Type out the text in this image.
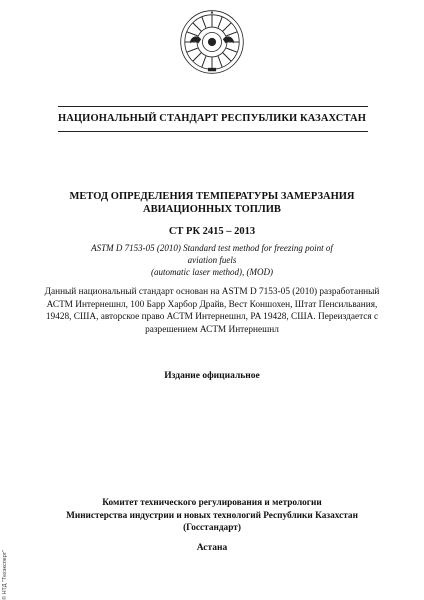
НАЦИОНАЛЬНЫЙ СТАНДАРТ РЕСПУБЛИКИ КАЗАХСТАН
МЕТОД ОПРЕДЕЛЕНИЯ ТЕМПЕРАТУРЫ ЗАМЕРЗАНИЯ
АВИАЦИОННЫХ ТОПЛИВ
СТ РК 2415 – 2013
ASTM D 7153-05 (2010) Standard test method for freezing point of aviation fuels
(automatic laser method), (MOD)
Данный национальный стандарт основан на ASTM D 7153-05 (2010) разработанный
АСТМ Интернешнл, 100 Барр Харбор Драйв, Вест Коншохен, Штат Пенсильвания,
19428, США, авторское право АСТМ Интернешнл, PA 19428, США. Переиздается с
разрешением АСТМ Интернешнл
Издание официальное
Комитет технического регулирования и метрологии
Министерства индустрии и новых технологий Республики Казахстан
(Госстандарт)
Астана
© НТД "Техэксперт"
